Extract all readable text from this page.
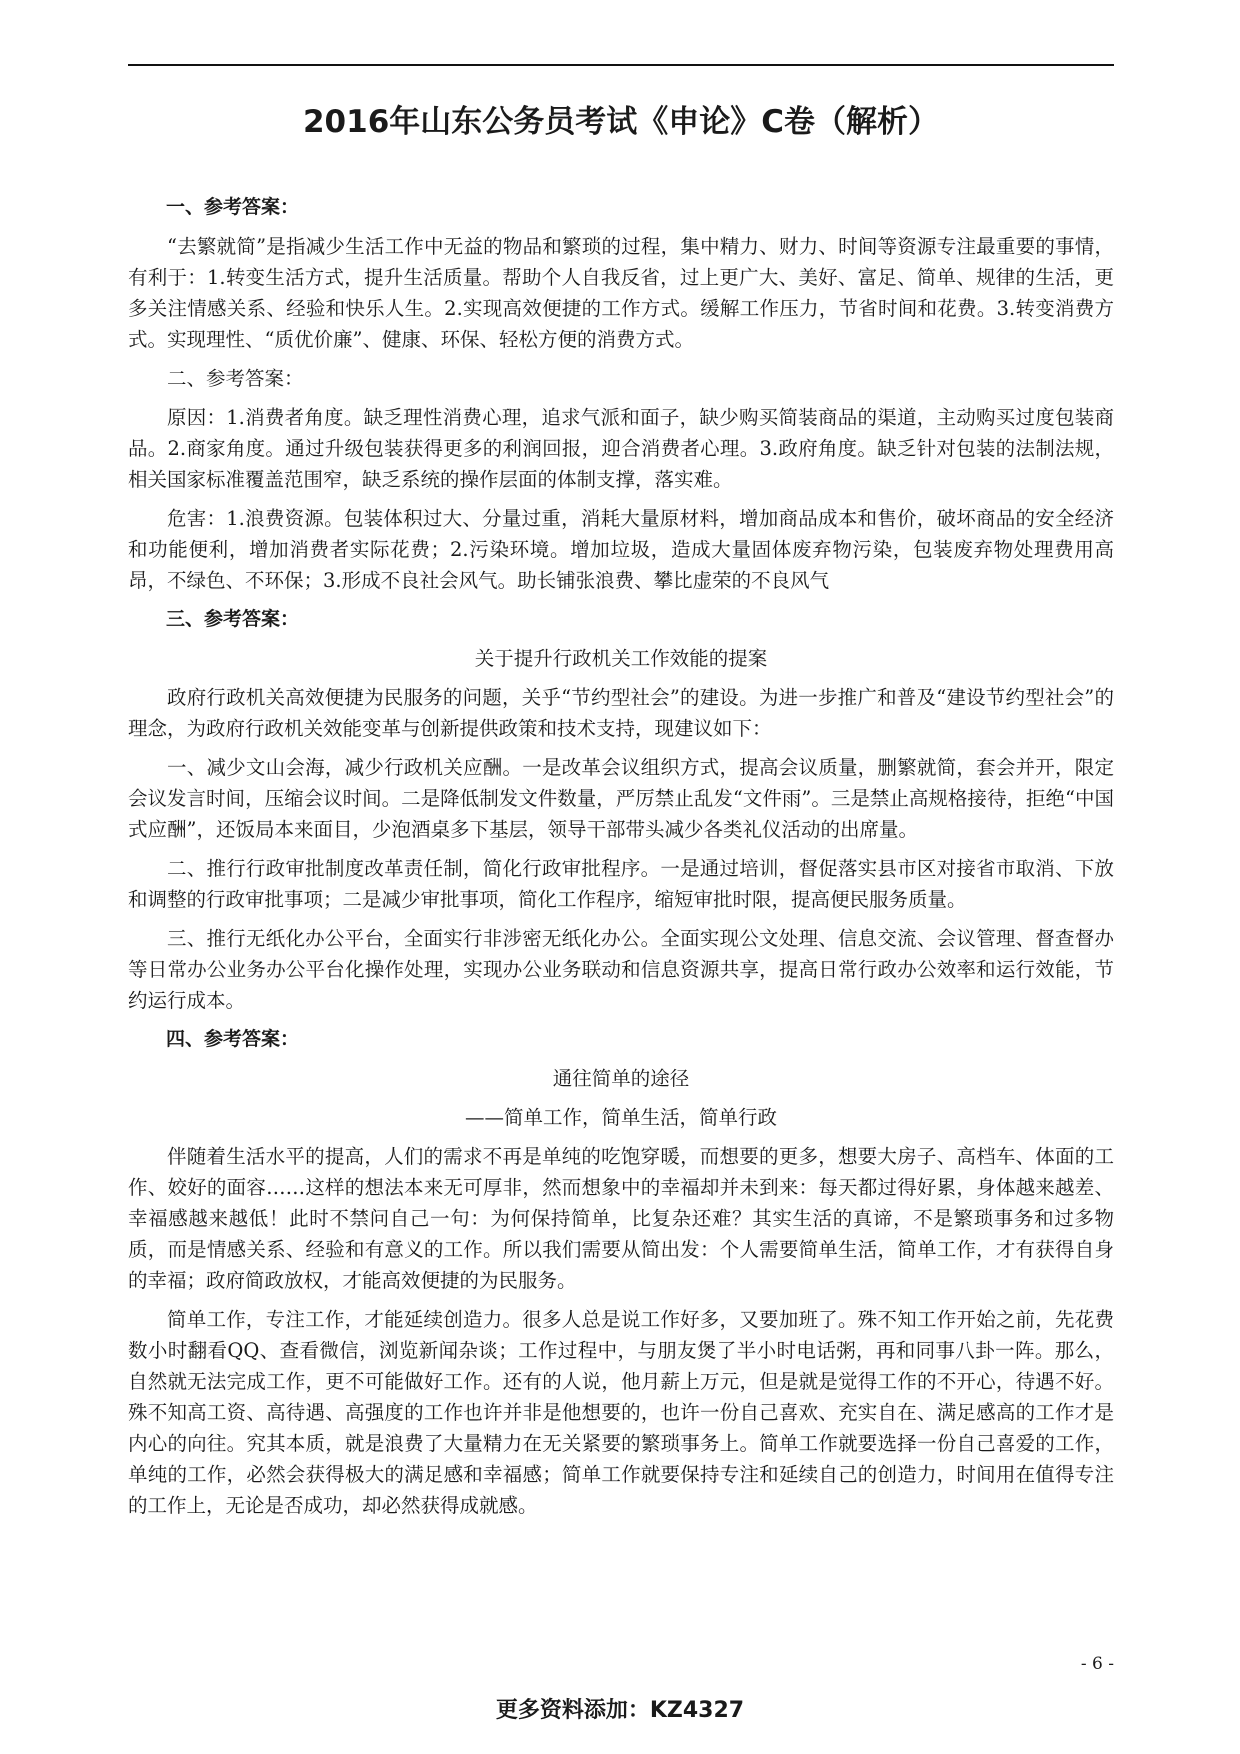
2016年山东公务员考试《申论》C卷（解析）

一、参考答案：

“去繁就简”是指减少生活工作中无益的物品和繁琐的过程，集中精力、财力、时间等资源专注最重要的事情，有利于：1.转变生活方式，提升生活质量。帮助个人自我反省，过上更广大、美好、富足、简单、规律的生活，更多关注情感关系、经验和快乐人生。2.实现高效便捷的工作方式。缓解工作压力，节省时间和花费。3.转变消费方式。实现理性、“质优价廉”、健康、环保、轻松方便的消费方式。

二、参考答案：

原因：1.消费者角度。缺乏理性消费心理，追求气派和面子，缺少购买简装商品的渠道，主动购买过度包装商品。2.商家角度。通过升级包装获得更多的利润回报，迎合消费者心理。3.政府角度。缺乏针对包装的法制法规，相关国家标准覆盖范围窄，缺乏系统的操作层面的体制支撑，落实难。

危害：1.浪费资源。包装体积过大、分量过重，消耗大量原材料，增加商品成本和售价，破坏商品的安全经济和功能便利，增加消费者实际花费；2.污染环境。增加垃圾，造成大量固体废弃物污染，包装废弃物处理费用高昂，不绿色、不环保；3.形成不良社会风气。助长铺张浪费、攀比虚荣的不良风气

三、参考答案：

关于提升行政机关工作效能的提案

政府行政机关高效便捷为民服务的问题，关乎“节约型社会”的建设。为进一步推广和普及“建设节约型社会”的理念，为政府行政机关效能变革与创新提供政策和技术支持，现建议如下：

一、减少文山会海，减少行政机关应酬。一是改革会议组织方式，提高会议质量，删繁就简，套会并开，限定会议发言时间，压缩会议时间。二是降低制发文件数量，严厉禁止乱发“文件雨”。三是禁止高规格接待，拒绝“中国式应酬”，还饭局本来面目，少泡酒桌多下基层，领导干部带头减少各类礼仪活动的出席量。

二、推行行政审批制度改革责任制，简化行政审批程序。一是通过培训，督促落实县市区对接省市取消、下放和调整的行政审批事项；二是减少审批事项，简化工作程序，缩短审批时限，提高便民服务质量。

三、推行无纸化办公平台，全面实行非涉密无纸化办公。全面实现公文处理、信息交流、会议管理、督查督办等日常办公业务办公平台化操作处理，实现办公业务联动和信息资源共享，提高日常行政办公效率和运行效能，节约运行成本。

四、参考答案：

通往简单的途径

——简单工作，简单生活，简单行政

伴随着生活水平的提高，人们的需求不再是单纯的吃饱穿暖，而想要的更多，想要大房子、高档车、体面的工作、姣好的面容……这样的想法本来无可厚非，然而想象中的幸福却并未到来：每天都过得好累，身体越来越差、幸福感越来越低！此时不禁问自己一句：为何保持简单，比复杂还难？其实生活的真谛，不是繁琐事务和过多物质，而是情感关系、经验和有意义的工作。所以我们需要从简出发：个人需要简单生活，简单工作，才有获得自身的幸福；政府简政放权，才能高效便捷的为民服务。

简单工作，专注工作，才能延续创造力。很多人总是说工作好多，又要加班了。殊不知工作开始之前，先花费数小时翻看QQ、查看微信，浏览新闻杂谈；工作过程中，与朋友煲了半小时电话粥，再和同事八卦一阵。那么，自然就无法完成工作，更不可能做好工作。还有的人说，他月薪上万元，但是就是觉得工作的不开心，待遇不好。殊不知高工资、高待遇、高强度的工作也许并非是他想要的，也许一份自己喜欢、充实自在、满足感高的工作才是内心的向往。究其本质，就是浪费了大量精力在无关紧要的繁琐事务上。简单工作就要选择一份自己喜爱的工作，单纯的工作，必然会获得极大的满足感和幸福感；简单工作就要保持专注和延续自己的创造力，时间用在值得专注的工作上，无论是否成功，却必然获得成就感。

- 6 -
更多资料添加：KZ4327
